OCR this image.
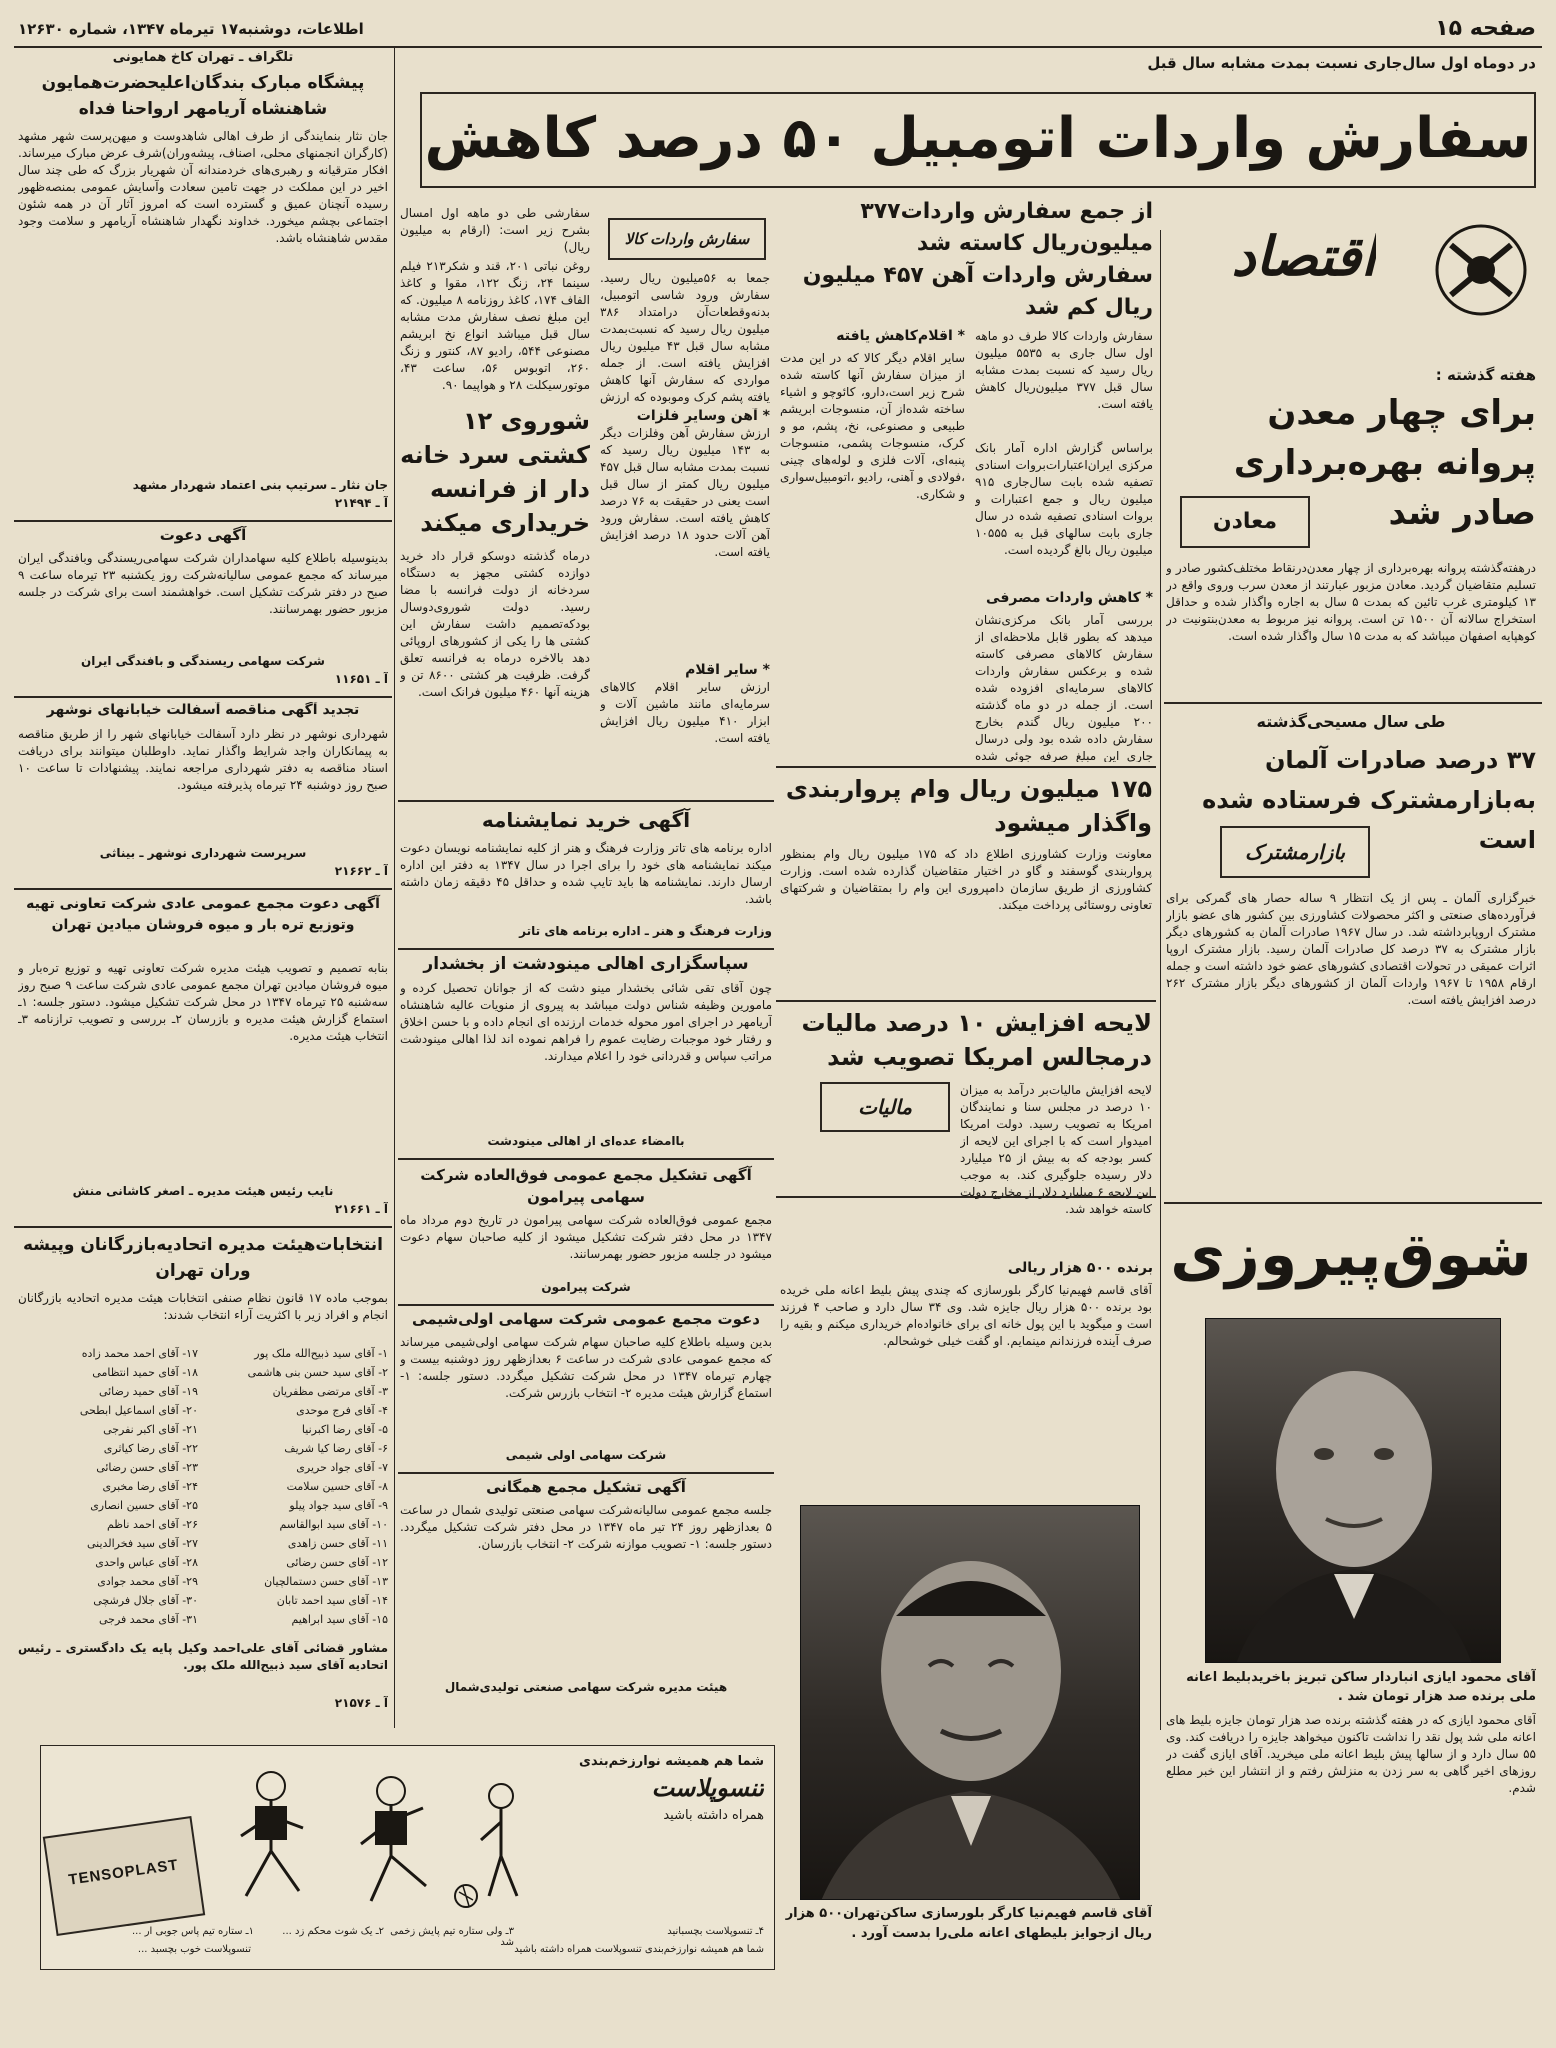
صفحه ۱۵
اطلاعات، دوشنبه۱۷ تیرماه ۱۳۴۷، شماره ۱۲۶۳۰
در دوماه اول سال‌جاری نسبت بمدت مشابه سال قبل
سفارش واردات اتومبیل ۵۰ درصد کاهش
اقتصاد
هفته گذشته :
برای چهار معدن پروانه بهره‌برداری صادر شد
معادن
درهفته‌گذشته پروانه بهره‌برداری از چهار معدن‌در‌نقاط مختلف‌کشور صادر و تسلیم متقاضیان گردید. معادن مزبور عبارتند از معدن سرب وروی واقع در ۱۳ کیلومتری غرب تائین که بمدت ۵ سال به اجاره واگذار شده و حداقل استخراج سالانه آن ۱۵۰۰ تن است. پروانه نیز مربوط به معدن‌بنتونیت در کوهپایه اصفهان میباشد که به مدت ۱۵ سال واگذار شده است.
طی سال مسیحی‌گذشته
۳۷ درصد صادرات آلمان به‌بازار‌مشترک فرستاده شده است
بازارمشترک
خبرگزاری آلمان ـ پس از یک انتظار ۹ ساله حصار های گمرکی برای فرآورده‌های صنعتی و اکثر محصولات کشاورزی بین کشور های عضو بازار مشترک اروپا‌برداشته شد. در سال ۱۹۶۷ صادرات آلمان به کشورهای دیگر بازار مشترک به ۳۷ درصد کل صادرات آلمان رسید. بازار مشترک اروپا اثرات عمیقی در تحولات اقتصادی کشورهای عضو خود داشته است و جمله ارقام ۱۹۵۸ تا ۱۹۶۷ واردات آلمان از کشورهای دیگر بازار مشترک ۲۶۲ درصد افزایش یافته است.
شوق‌پیروزی
آقای محمود ایازی انباردار ساکن تبریز باخریدبلیط اعانه ملی برنده صد هزار تومان شد .
آقای محمود ایازی که در هفته گذشته برنده صد هزار تومان جایزه بلیط های اعانه ملی شد پول نقد را نداشت تاکنون میخواهد جایزه را دریافت کند. وی ۵۵ سال دارد و از سالها پیش بلیط اعانه ملی میخرید. آقای ایازی گفت در روزهای اخیر گاهی به سر زدن به منزلش رفتم و از انتشار این خبر مطلع شدم.
از جمع سفارش واردات۳۷۷ میلیون‌ریال کاسته شد
سفارش واردات آهن ۴۵۷ میلیون ریال کم شد
سفارش واردات کالا طرف دو ماهه اول سال جاری به ۵۵۳۵ میلیون ریال رسید که نسبت بمدت مشابه سال قبل ۳۷۷ میلیون‌ریال کاهش یافته است.
براساس گزارش اداره آمار بانک مرکزی ایران‌اعتبارات‌بروات اسنادی تصفیه شده بابت سال‌جاری ۹۱۵ میلیون ریال و جمع اعتبارات و بروات اسنادی تصفیه شده در سال جاری بابت سالهای قبل به ۱۰۵۵۵ میلیون ریال بالغ گردیده است.
* کاهش واردات مصرفی
بررسی آمار بانک مرکزی‌نشان میدهد که بطور قابل ملاحظه‌ای از سفارش کالاهای مصرفی کاسته شده و برعکس سفارش واردات کالاهای سرمایه‌ای افزوده شده است. از جمله در دو ماه گذشته ۲۰۰ میلیون ریال گندم بخارج سفارش داده شده بود ولی درسال جاری این مبلغ صرفه جوئی شده
* اقلام‌کاهش یافته
سایر اقلام دیگر کالا که در این مدت از میزان سفارش آنها کاسته شده شرح زیر است،دارو، کائوچو و اشیاء ساخته شده‌از آن، منسوجات ابریشم طبیعی و مصنوعی، نخ، پشم، مو و کرک، منسوجات پشمی، منسوجات پنبه‌ای، آلات فلزی و لوله‌های چینی ،فولادی و آهنی، رادیو ،اتومبیل‌سواری و شکاری.
۱۷۵ میلیون ریال وام پرواربندی واگذار میشود
معاونت وزارت کشاورزی اطلاع داد که ۱۷۵ میلیون ریال وام بمنظور پرواربندی گوسفند و گاو در اختیار متقاضیان گذارده شده است. وزارت کشاورزی از طریق سازمان دامپروری این وام را بمتقاضیان و شرکتهای تعاونی روستائی پرداخت میکند.
لایحه افزایش ۱۰ درصد مالیات درمجالس امریکا تصویب شد
مالیات
لایحه افزایش مالیات‌بر درآمد به میزان ۱۰ درصد در مجلس سنا و نمایندگان امریکا به تصویب رسید. دولت امریکا امیدوار است که با اجرای این لایحه از کسر بودجه که به بیش از ۲۵ میلیارد دلار رسیده جلوگیری کند. به موجب این لایحه ۶ میلیارد دلار از مخارج دولت کاسته خواهد شد.
برنده ۵۰۰ هزار ریالی
آقای قاسم فهیم‌نیا کارگر بلورسازی که چندی پیش بلیط اعانه ملی خریده بود برنده ۵۰۰ هزار ریال جایزه شد. وی ۳۴ سال دارد و صاحب ۴ فرزند است و میگوید با این پول خانه ای برای خانواده‌ام خریداری میکنم و بقیه را صرف آینده فرزندانم مینمایم. او گفت خیلی خوشحالم.
آقای قاسم فهیم‌نیا کارگر بلورسازی ساکن‌تهران۵۰۰ هزار ریال ازجوایز بلیطهای اعانه ملی‌را بدست آورد .
سفارش واردات کالا
سفارشی طی دو ماهه اول امسال بشرح زیر است: (ارقام به میلیون ریال)
روغن نباتی ۲۰۱، قند و شکر۲۱۳ فیلم سینما ۲۴، زنگ ۱۲۲، مقوا و کاغذ الفاف ۱۷۴، کاغذ روزنامه ۸ میلیون. که این مبلغ نصف سفارش مدت مشابه سال قبل میباشد انواع نخ ابریشم مصنوعی ۵۴۴، رادیو ۸۷، کنتور و زنگ ۲۶۰، اتوبوس ۵۶، ساعت ۴۳، موتورسیکلت ۲۸ و هواپیما ۹۰.
جمعا به ۵۶میلیون ریال رسید. سفارش ورود شاسی اتومبیل، بدنه‌وقطعات‌آن درامتداد ۳۸۶ میلیون ریال رسید که نسبت‌بمدت مشابه سال قبل ۴۳ میلیون ریال افزایش یافته است. از جمله مواردی که سفارش آنها کاهش یافته پشم کرک وموبوده که ارزش
شوروی ۱۲ کشتی سرد خانه دار از فرانسه خریداری میکند
درماه گذشته دوسکو قرار داد خرید دوازده کشتی مجهز به دستگاه سردخانه از دولت فرانسه با مضا رسید. دولت شوروی‌دوسال بود‌که‌تصمیم داشت سفارش این کشتی ها را یکی از کشورهای اروپائی دهد بالاخره درماه به فرانسه تعلق گرفت. ظرفیت هر کشتی ۸۶۰۰ تن و هزینه آنها ۴۶۰ میلیون فرانک است.
* آهن وسایر فلزات
ارزش سفارش آهن وفلزات دیگر به ۱۴۳ میلیون ریال رسید که نسبت بمدت مشابه سال قبل ۴۵۷ میلیون ریال کمتر از سال قبل است یعنی در حقیقت به ۷۶ درصد کاهش یافته است. سفارش ورود آهن آلات حدود ۱۸ درصد افزایش یافته است.
* سایر اقلام
ارزش سایر اقلام کالاهای سرمایه‌ای مانند ماشین آلات و ابزار ۴۱۰ میلیون ریال افزایش یافته است.
آگهی خرید نمایشنامه
اداره برنامه های تاتر وزارت فرهنگ و هنر از کلیه نمایشنامه نویسان دعوت میکند نمایشنامه های خود را برای اجرا در سال ۱۳۴۷ به دفتر این اداره ارسال دارند. نمایشنامه ها باید تایپ شده و حداقل ۴۵ دقیقه زمان داشته باشد.
وزارت فرهنگ و هنر ـ اداره برنامه های تاتر
سپاسگزاری اهالی مینودشت از بخشدار
چون آقای تقی شائی بخشدار مینو دشت که از جوانان تحصیل کرده و مامورین وظیفه شناس دولت میباشد به پیروی از منویات عالیه شاهنشاه آریامهر در اجرای امور محوله خدمات ارزنده ای انجام داده و با حسن اخلاق و رفتار خود موجبات رضایت عموم را فراهم نموده اند لذا اهالی مینودشت مراتب سپاس و قدردانی خود را اعلام میدارند.
باامضاء عده‌ای از اهالی مینودشت
آگهی تشکیل مجمع عمومی فوق‌العاده شرکت سهامی پیرامون
مجمع عمومی فوق‌العاده شرکت سهامی پیرامون در تاریخ دوم مرداد ماه ۱۳۴۷ در محل دفتر شرکت تشکیل میشود از کلیه صاحبان سهام دعوت میشود در جلسه مزبور حضور بهمرسانند.
شرکت پیرامون
دعوت مجمع عمومی شرکت سهامی اولی‌شیمی
بدین وسیله باطلاع کلیه صاحبان سهام شرکت سهامی اولی‌شیمی میرساند که مجمع عمومی عادی شرکت در ساعت ۶ بعدازظهر روز دوشنبه بیست و چهارم تیرماه ۱۳۴۷ در محل شرکت تشکیل میگردد. دستور جلسه: ۱- استماع گزارش هیئت مدیره ۲- انتخاب بازرس شرکت.
شرکت سهامی اولی شیمی
آگهی تشکیل مجمع همگانی
جلسه مجمع عمومی سالیانه‌شرکت سهامی صنعتی تولیدی شمال در ساعت ۵ بعدازظهر روز ۲۴ تیر ماه ۱۳۴۷ در محل دفتر شرکت تشکیل میگردد. دستور جلسه: ۱- تصویب موازنه شرکت ۲- انتخاب بازرسان.
هیئت مدیره شرکت سهامی صنعتی تولیدی‌شمال
تلگراف ـ تهران کاخ همایونی
پیشگاه مبارک بندگان‌اعلیحضرت‌همایون شاهنشاه آریامهر ارواحنا فداه
جان نثار بنمایندگی از طرف اهالی شاهدوست و میهن‌پرست شهر مشهد (کارگران انجمنهای محلی، اصناف، پیشه‌وران)‌شرف عرض مبارک میرساند. افکار مترقیانه و رهبری‌های خردمندانه آن شهریار بزرگ که طی چند سال اخیر در این مملکت در جهت تامین سعادت وآسایش عمومی بمنصه‌ظهور رسیده‌ آنچنان عمیق و گسترده است که امروز آثار آن در همه شئون اجتماعی بچشم میخورد. خداوند نگهدار شاهنشاه آریامهر و سلامت وجود مقدس شاهنشاه باشد.
جان نثار ـ سرتیپ بنی اعتماد شهردار مشهد
آ ـ ۲۱۴۹۴
آگهی دعوت
بدینوسیله باطلاع کلیه سهامداران شرکت سهامی‌ریسندگی وبافندگی ایران میرساند که مجمع عمومی سالیانه‌شرکت روز یکشنبه ۲۳ تیرماه ساعت ۹ صبح در دفتر شرکت تشکیل است. خواهشمند است برای شرکت در جلسه مزبور حضور بهمرسانند.
شرکت سهامی ریسندگی و بافندگی ایران
آ ـ ۱۱۶۵۱
تجدید آگهی مناقصه آسفالت خیابانهای نوشهر
شهرداری نوشهر در نظر دارد آسفالت خیابانهای شهر را از طریق مناقصه به پیمانکاران واجد شرایط واگذار نماید. داوطلبان میتوانند برای دریافت اسناد مناقصه به دفتر شهرداری مراجعه نمایند. پیشنهادات تا ساعت ۱۰ صبح روز دوشنبه ۲۴ تیرماه پذیرفته میشود.
سرپرست شهرداری نوشهر ـ بیناثی
آ ـ ۲۱۶۶۲
آگهی دعوت مجمع عمومی عادی شرکت تعاونی تهیه وتوزیع تره بار و میوه فروشان میادین تهران
بنابه تصمیم و تصویب هیئت مدیره شرکت تعاونی تهیه و توزیع تره‌بار و میوه فروشان میادین تهران مجمع عمومی عادی شرکت ساعت ۹ صبح روز سه‌شنبه ۲۵ تیرماه ۱۳۴۷ در محل شرکت تشکیل میشود. دستور جلسه: ۱ـ استماع گزارش هیئت مدیره و بازرسان ۲ـ بررسی و تصویب ترازنامه ۳ـ انتخاب هیئت مدیره.
نایب رئیس هیئت مدیره ـ اصغر کاشانی منش
آ ـ ۲۱۶۶۱
انتخابات‌هیئت مدیره اتحادیه‌بازرگانان وپیشه وران تهران
بموجب ماده ۱۷ قانون نظام صنفی انتخابات هیئت مدیره اتحادیه بازرگانان انجام و افراد زیر با اکثریت آراء انتخاب شدند:
۱- آقای سید ذبیح‌الله ملک پور
۲- آقای سید حسن بنی هاشمی
۳- آقای مرتضی مظفریان
۴- آقای فرج موحدی
۵- آقای رضا اکبرنیا
۶- آقای رضا کیا شریف
۷- آقای جواد حریری
۸- آقای حسین سلامت
۹- آقای سید جواد پیلو
۱۰- آقای سید ابوالقاسم
۱۱- آقای حسن زاهدی
۱۲- آقای حسن رضائی
۱۳- آقای حسن دستمالچیان
۱۴- آقای سید احمد تابان
۱۵- آقای سید ابراهیم
۱۷- آقای احمد محمد زاده
۱۸- آقای حمید انتظامی
۱۹- آقای حمید رضائی
۲۰- آقای اسماعیل ابطحی
۲۱- آقای اکبر نفرجی
۲۲- آقای رضا کیاثری
۲۳- آقای حسن رضائی
۲۴- آقای رضا مخبری
۲۵- آقای حسین انصاری
۲۶- آقای احمد ناظم
۲۷- آقای سید فخرالدینی
۲۸- آقای عباس واحدی
۲۹- آقای محمد جوادی
۳۰- آقای جلال فرشچی
۳۱- آقای محمد فرجی
مشاور قضائی آقای علی‌احمد وکیل پایه یک دادگستری ـ رئیس اتحادیه آقای سید ذبیح‌الله ملک پور.
آ ـ ۲۱۵۷۶
شما هم همیشه نوارزخم‌بندی
تنسوپلاست
همراه داشته باشید
TENSOPLAST
۱ـ ستاره تیم پاس جوبی ار ...	۲ـ یک شوت محکم زد ... ۳ـ ولی ستاره تیم پایش زخمی شد
۴ـ تنسوپلاست بچسبانید
تنسوپلاست خوب بچسبد ...	شما هم همیشه نوارزخم‌بندی تنسوپلاست همراه داشته باشید
